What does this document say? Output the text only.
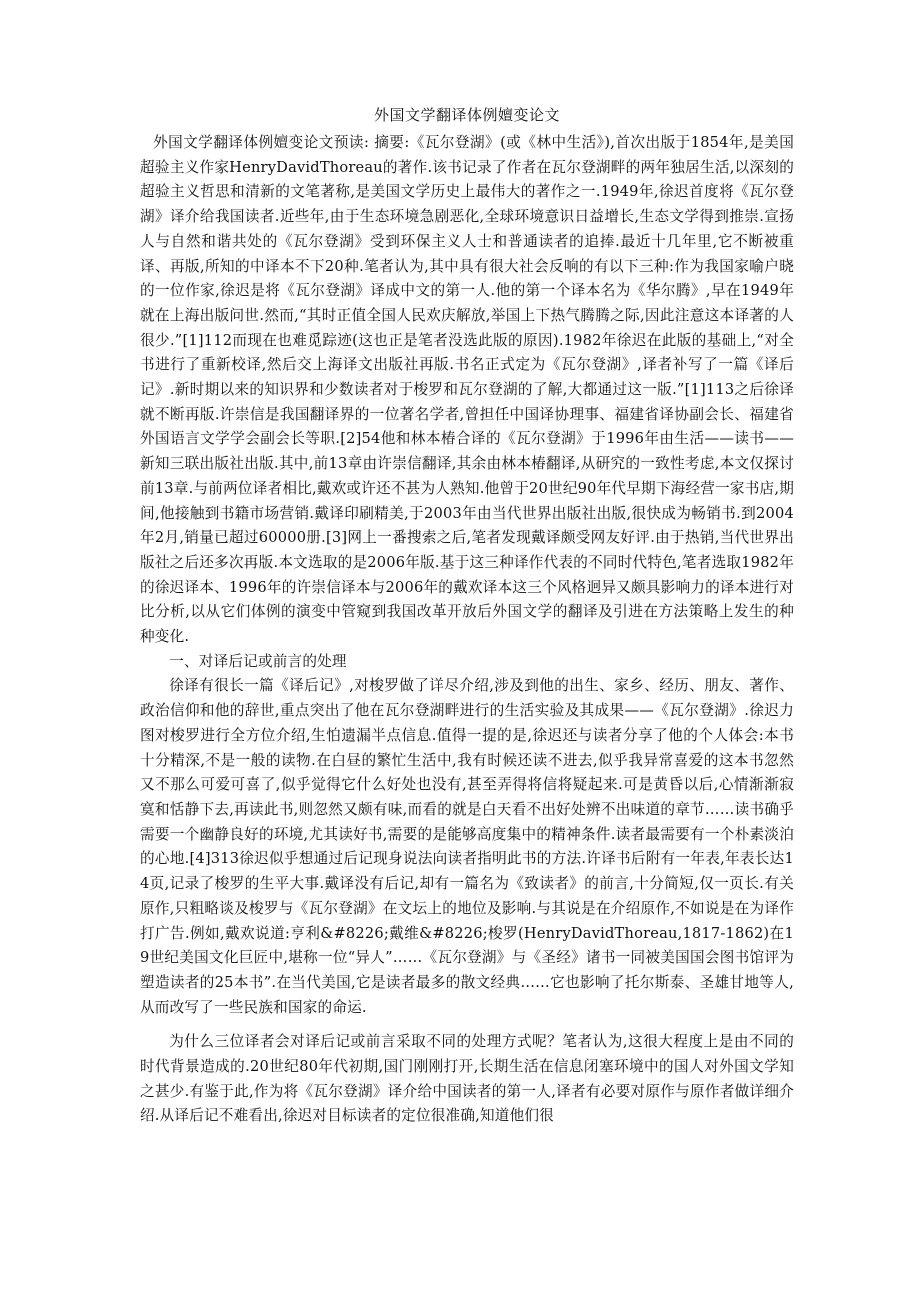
外国文学翻译体例嬗变论文

外国文学翻译体例嬗变论文预读: 摘要:《瓦尔登湖》(或《林中生活》),首次出版于1854年,是美国超验主义作家HenryDavidThoreau的著作.该书记录了作者在瓦尔登湖畔的两年独居生活,以深刻的超验主义哲思和清新的文笔著称,是美国文学历史上最伟大的著作之一.1949年,徐迟首度将《瓦尔登湖》译介给我国读者.近些年,由于生态环境急剧恶化,全球环境意识日益增长,生态文学得到推崇.宣扬人与自然和谐共处的《瓦尔登湖》受到环保主义人士和普通读者的追捧.最近十几年里,它不断被重译、再版,所知的中译本不下20种.笔者认为,其中具有很大社会反响的有以下三种:作为我国家喻户晓的一位作家,徐迟是将《瓦尔登湖》译成中文的第一人.他的第一个译本名为《华尔腾》,早在1949年就在上海出版问世.然而,“其时正值全国人民欢庆解放,举国上下热气腾腾之际,因此注意这本译著的人很少.”[1]112而现在也难觅踪迹(这也正是笔者没选此版的原因).1982年徐迟在此版的基础上,“对全书进行了重新校译,然后交上海译文出版社再版.书名正式定为《瓦尔登湖》,译者补写了一篇《译后记》.新时期以来的知识界和少数读者对于梭罗和瓦尔登湖的了解,大都通过这一版.”[1]113之后徐译就不断再版.许崇信是我国翻译界的一位著名学者,曾担任中国译协理事、福建省译协副会长、福建省外国语言文学学会副会长等职.[2]54他和林本椿合译的《瓦尔登湖》于1996年由生活——读书——新知三联出版社出版.其中,前13章由许崇信翻译,其余由林本椿翻译,从研究的一致性考虑,本文仅探讨前13章.与前两位译者相比,戴欢或许还不甚为人熟知.他曾于20世纪90年代早期下海经营一家书店,期间,他接触到书籍市场营销.戴译印刷精美,于2003年由当代世界出版社出版,很快成为畅销书.到2004年2月,销量已超过60000册.[3]网上一番搜索之后,笔者发现戴译颇受网友好评.由于热销,当代世界出版社之后还多次再版.本文选取的是2006年版.基于这三种译作代表的不同时代特色,笔者选取1982年的徐迟译本、1996年的许崇信译本与2006年的戴欢译本这三个风格迥异又颇具影响力的译本进行对比分析,以从它们体例的演变中管窥到我国改革开放后外国文学的翻译及引进在方法策略上发生的种种变化.

一、对译后记或前言的处理

徐译有很长一篇《译后记》,对梭罗做了详尽介绍,涉及到他的出生、家乡、经历、朋友、著作、政治信仰和他的辞世,重点突出了他在瓦尔登湖畔进行的生活实验及其成果——《瓦尔登湖》.徐迟力图对梭罗进行全方位介绍,生怕遗漏半点信息.值得一提的是,徐迟还与读者分享了他的个人体会:本书十分精深,不是一般的读物.在白昼的繁忙生活中,我有时候还读不进去,似乎我异常喜爱的这本书忽然又不那么可爱可喜了,似乎觉得它什么好处也没有,甚至弄得将信将疑起来.可是黄昏以后,心情渐渐寂寞和恬静下去,再读此书,则忽然又颇有味,而看的就是白天看不出好处辨不出味道的章节……读书确乎需要一个幽静良好的环境,尤其读好书,需要的是能够高度集中的精神条件.读者最需要有一个朴素淡泊的心地.[4]313徐迟似乎想通过后记现身说法向读者指明此书的方法.许译书后附有一年表,年表长达14页,记录了梭罗的生平大事.戴译没有后记,却有一篇名为《致读者》的前言,十分简短,仅一页长.有关原作,只粗略谈及梭罗与《瓦尔登湖》在文坛上的地位及影响.与其说是在介绍原作,不如说是在为译作打广告.例如,戴欢说道:亨利&#8226;戴维&#8226;梭罗(HenryDavidThoreau,1817-1862)在19世纪美国文化巨匠中,堪称一位“异人”……《瓦尔登湖》与《圣经》诸书一同被美国国会图书馆评为塑造读者的25本书”.在当代美国,它是读者最多的散文经典……它也影响了托尔斯泰、圣雄甘地等人,从而改写了一些民族和国家的命运.

为什么三位译者会对译后记或前言采取不同的处理方式呢？笔者认为,这很大程度上是由不同的时代背景造成的.20世纪80年代初期,国门刚刚打开,长期生活在信息闭塞环境中的国人对外国文学知之甚少.有鉴于此,作为将《瓦尔登湖》译介给中国读者的第一人,译者有必要对原作与原作者做详细介绍.从译后记不难看出,徐迟对目标读者的定位很准确,知道他们很
